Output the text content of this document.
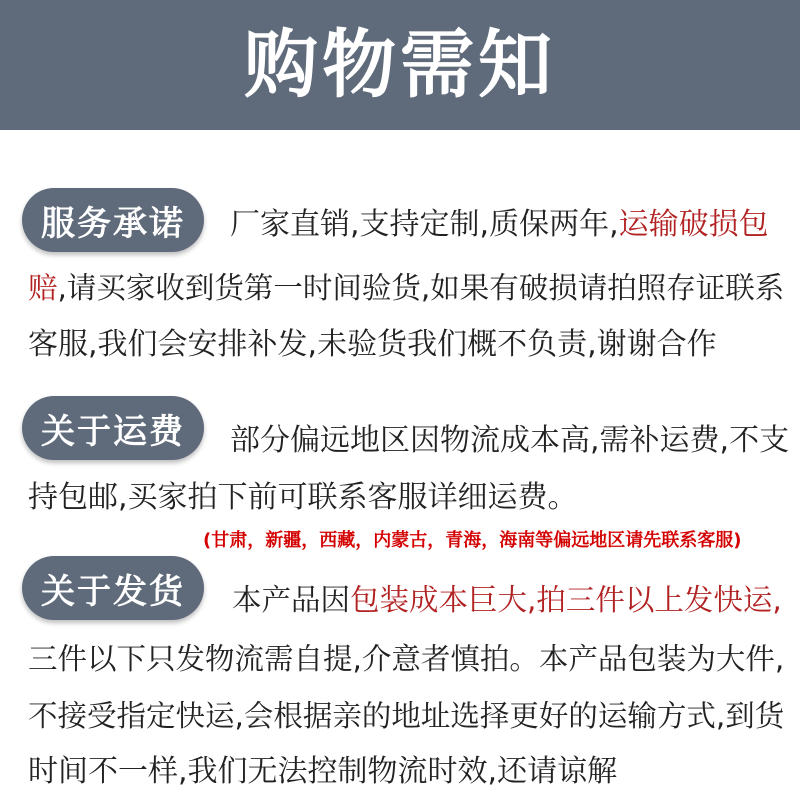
购物需知
服务承诺	厂家直销,支持定制,质保两年,运输破损包
赔,请买家收到货第一时间验货,如果有破损请拍照存证联系
客服,我们会安排补发,未验货我们概不负责,谢谢合作
关于运费	部分偏远地区因物流成本高,需补运费,不支
持包邮,买家拍下前可联系客服详细运费。
(甘肃，新疆，西藏，内蒙古，青海，海南等偏远地区请先联系客服)
关于发货	本产品因包装成本巨大,拍三件以上发快运,
三件以下只发物流需自提,介意者慎拍。本产品包装为大件,
不接受指定快运,会根据亲的地址选择更好的运输方式,到货
时间不一样,我们无法控制物流时效,还请谅解
